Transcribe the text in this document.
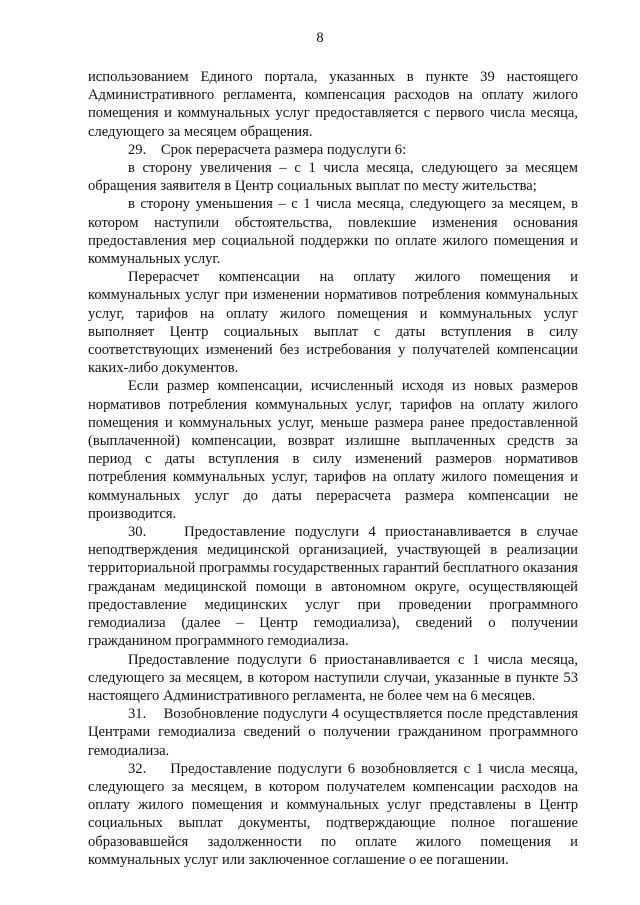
8

использованием Единого портала, указанных в пункте 39 настоящего Административного регламента, компенсация расходов на оплату жилого помещения и коммунальных услуг предоставляется с первого числа месяца, следующего за месяцем обращения.

29.    Срок перерасчета размера подуслуги 6:

в сторону увеличения – с 1 числа месяца, следующего за месяцем обращения заявителя в Центр социальных выплат по месту жительства;

в сторону уменьшения – с 1 числа месяца, следующего за месяцем, в котором наступили обстоятельства, повлекшие изменения основания предоставления мер социальной поддержки по оплате жилого помещения и коммунальных услуг.

Перерасчет компенсации на оплату жилого помещения и коммунальных услуг при изменении нормативов потребления коммунальных услуг, тарифов на оплату жилого помещения и коммунальных услуг выполняет Центр социальных выплат с даты вступления в силу соответствующих изменений без истребования у получателей компенсации каких-либо документов.

Если размер компенсации, исчисленный исходя из новых размеров нормативов потребления коммунальных услуг, тарифов на оплату жилого помещения и коммунальных услуг, меньше размера ранее предоставленной (выплаченной) компенсации, возврат излишне выплаченных средств за период с даты вступления в силу изменений размеров нормативов потребления коммунальных услуг, тарифов на оплату жилого помещения и коммунальных услуг до даты перерасчета размера компенсации не производится.

30.    Предоставление подуслуги 4 приостанавливается в случае неподтверждения медицинской организацией, участвующей в реализации территориальной программы государственных гарантий бесплатного оказания гражданам медицинской помощи в автономном округе, осуществляющей предоставление медицинских услуг при проведении программного гемодиализа (далее – Центр гемодиализа), сведений о получении гражданином программного гемодиализа.

Предоставление подуслуги 6 приостанавливается с 1 числа месяца, следующего за месяцем, в котором наступили случаи, указанные в пункте 53 настоящего Административного регламента, не более чем на 6 месяцев.

31.    Возобновление подуслуги 4 осуществляется после представления Центрами гемодиализа сведений о получении гражданином программного гемодиализа.

32.    Предоставление подуслуги 6 возобновляется с 1 числа месяца, следующего за месяцем, в котором получателем компенсации расходов на оплату жилого помещения и коммунальных услуг представлены в Центр социальных выплат документы, подтверждающие полное погашение образовавшейся задолженности по оплате жилого помещения и коммунальных услуг или заключенное соглашение о ее погашении.
